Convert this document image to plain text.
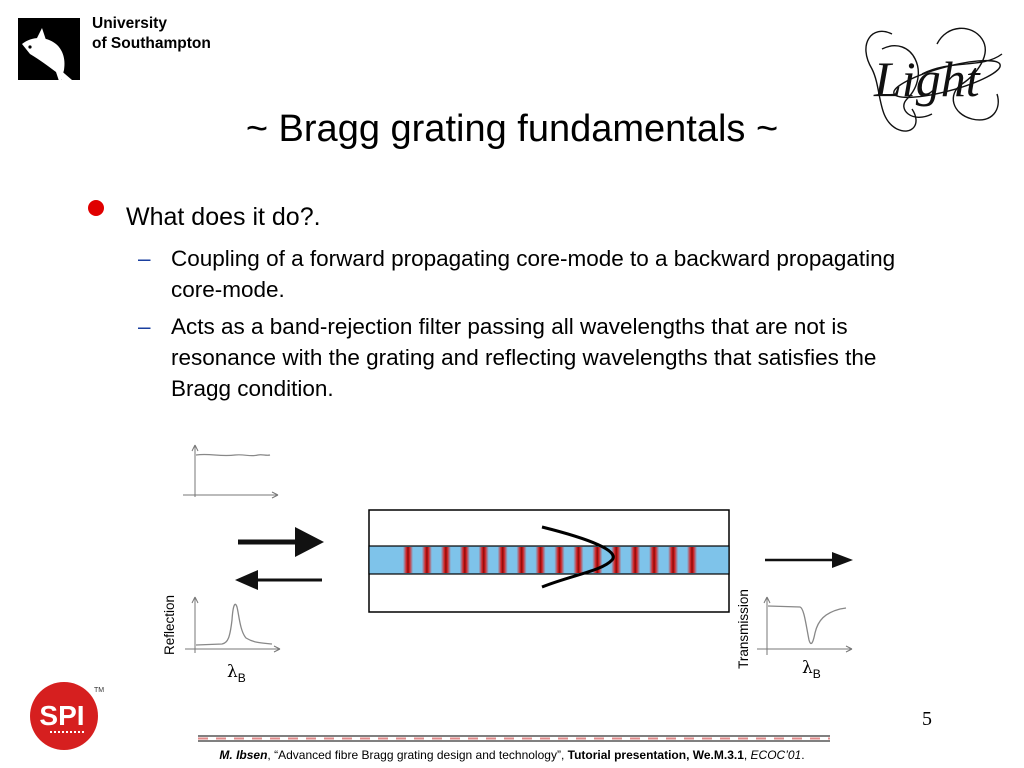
University
of Southampton
Light
~ Bragg grating fundamentals ~
What does it do?.
– Coupling of a forward propagating core-mode to a backward propagating core-mode.
– Acts as a band-rejection filter passing all wavelengths that are not is resonance with the grating and reflecting wavelengths that satisfies the Bragg condition.
Reflection
$\lambda_B$
Transmission	$\lambda_B$
SPI
TM
5
M. Ibsen, “Advanced fibre Bragg grating design and technology”, Tutorial presentation, We.M.3.1, ECOC’01.
